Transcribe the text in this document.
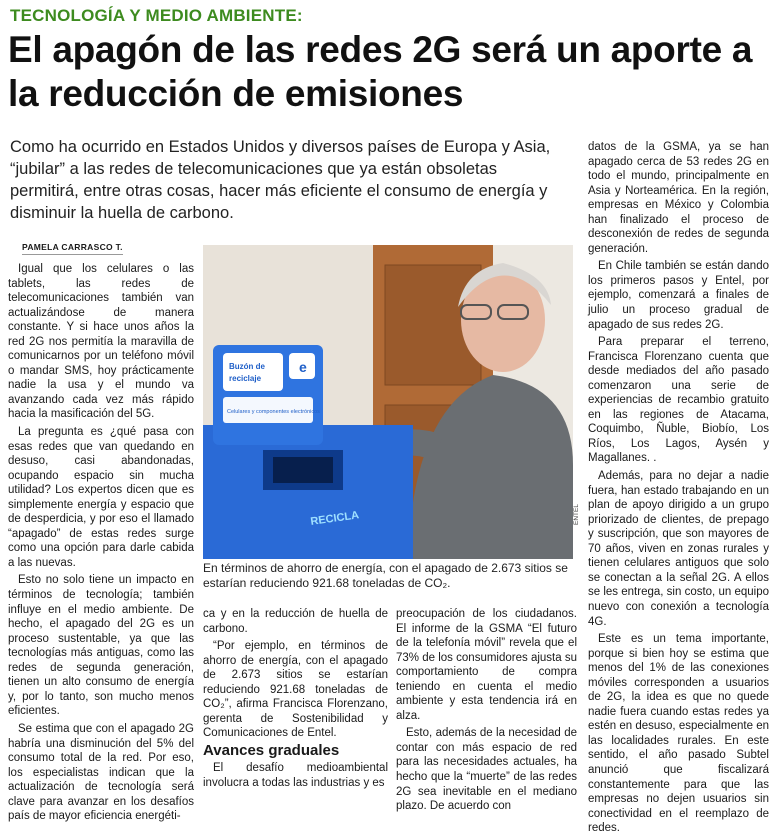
TECNOLOGÍA Y MEDIO AMBIENTE:
El apagón de las redes 2G será un aporte a la reducción de emisiones
Como ha ocurrido en Estados Unidos y diversos países de Europa y Asia, “jubilar” a las redes de telecomunicaciones que ya están obsoletas permitirá, entre otras cosas, hacer más eficiente el consumo de energía y disminuir la huella de carbono.
PAMELA CARRASCO T.

Igual que los celulares o las tablets, las redes de telecomunicaciones también van actualizándose de manera constante. Y si hace unos años la red 2G nos permitía la maravilla de comunicarnos por un teléfono móvil o mandar SMS, hoy prácticamente nadie la usa y el mundo va avanzando cada vez más rápido hacia la masificación del 5G.

La pregunta es ¿qué pasa con esas redes que van quedando en desuso, casi abandonadas, ocupando espacio sin mucha utilidad? Los expertos dicen que es simplemente energía y espacio que de desperdicia, y por eso el llamado “apagado” de estas redes surge como una opción para darle cabida a las nuevas.

Esto no solo tiene un impacto en términos de tecnología; también influye en el medio ambiente. De hecho, el apagado del 2G es un proceso sustentable, ya que las tecnologías más antiguas, como las redes de segunda generación, tienen un alto consumo de energía y, por lo tanto, son mucho menos eficientes.

Se estima que con el apagado 2G habría una disminución del 5% del consumo total de la red. Por eso, los especialistas indican que la actualización de tecnología será clave para avanzar en los desafíos país de mayor eficiencia energéti-

e
Buzón de
reciclaje
Celulares y componentes electrónicos
RECICLA	ENTEL
En términos de ahorro de energía, con el apagado de 2.673 sitios se estarían reduciendo 921.68 toneladas de CO₂.

ca y en la reducción de huella de carbono.

“Por ejemplo, en términos de ahorro de energía, con el apagado de 2.673 sitios se estarían reduciendo 921.68 toneladas de CO₂”, afirma Francisca Florenzano, gerenta de Sostenibilidad y Comunicaciones de Entel.

Avances graduales

El desafío medioambiental involucra a todas las industrias y es

preocupación de los ciudadanos. El informe de la GSMA “El futuro de la telefonía móvil” revela que el 73% de los consumidores ajusta su comportamiento de compra teniendo en cuenta el medio ambiente y esta tendencia irá en alza.

Esto, además de la necesidad de contar con más espacio de red para las necesidades actuales, ha hecho que la “muerte” de las redes 2G sea inevitable en el mediano plazo. De acuerdo con

datos de la GSMA, ya se han apagado cerca de 53 redes 2G en todo el mundo, principalmente en Asia y Norteamérica. En la región, empresas en México y Colombia han finalizado el proceso de desconexión de redes de segunda generación.

En Chile también se están dando los primeros pasos y Entel, por ejemplo, comenzará a finales de julio un proceso gradual de apagado de sus redes 2G.

Para preparar el terreno, Francisca Florenzano cuenta que desde mediados del año pasado comenzaron una serie de experiencias de recambio gratuito en las regiones de Atacama, Coquimbo, Ñuble, Biobío, Los Ríos, Los Lagos, Aysén y Magallanes. .

Además, para no dejar a nadie fuera, han estado trabajando en un plan de apoyo dirigido a un grupo priorizado de clientes, de prepago y suscripción, que son mayores de 70 años, viven en zonas rurales y tienen celulares antiguos que solo se conectan a la señal 2G. A ellos se les entrega, sin costo, un equipo nuevo con conexión a tecnología 4G.

Este es un tema importante, porque si bien hoy se estima que menos del 1% de las conexiones móviles corresponden a usuarios de 2G, la idea es que no quede nadie fuera cuando estas redes ya estén en desuso, especialmente en las localidades rurales. En este sentido, el año pasado Subtel anunció que fiscalizará constantemente para que las empresas no dejen usuarios sin conectividad en el reemplazo de redes.
